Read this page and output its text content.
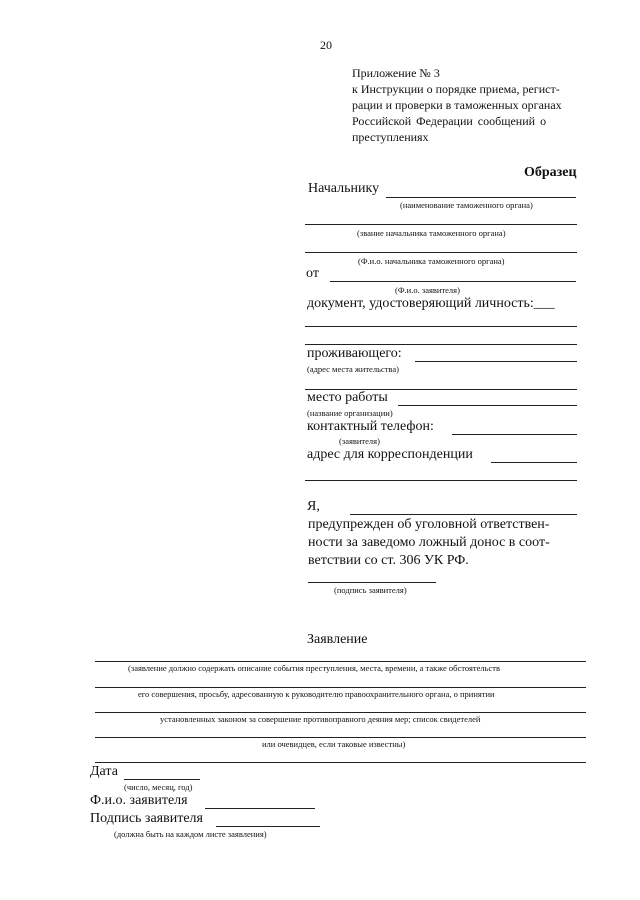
20
Приложение № 3
к Инструкции о порядке приема, регист-
рации и проверки в таможенных органах
Российской Федерации сообщений о
преступлениях
Образец
Начальнику
(наименование таможенного органа)
(звание начальника таможенного органа)
(Ф.и.о. начальника таможенного органа)
от
(Ф.и.о. заявителя)
документ, удостоверяющий личность:___
проживающего:
(адрес места жительства)
место работы
(название организации)
контактный телефон:
(заявителя)
адрес для корреспонденции
Я,
предупрежден об уголовной ответствен-
ности за заведомо ложный донос в соот-
ветствии со ст. 306 УК РФ.
(подпись заявителя)
Заявление
(заявление должно содержать описание события преступления, места, времени, а также обстоятельств
его совершения, просьбу, адресованную к руководителю правоохранительного органа, о принятии
установленных законом за совершение противоправного деяния мер; список свидетелей
или очевидцев, если таковые известны)
Дата
(число, месяц, год)
Ф.и.о. заявителя
Подпись заявителя
(должна быть на каждом листе заявления)
